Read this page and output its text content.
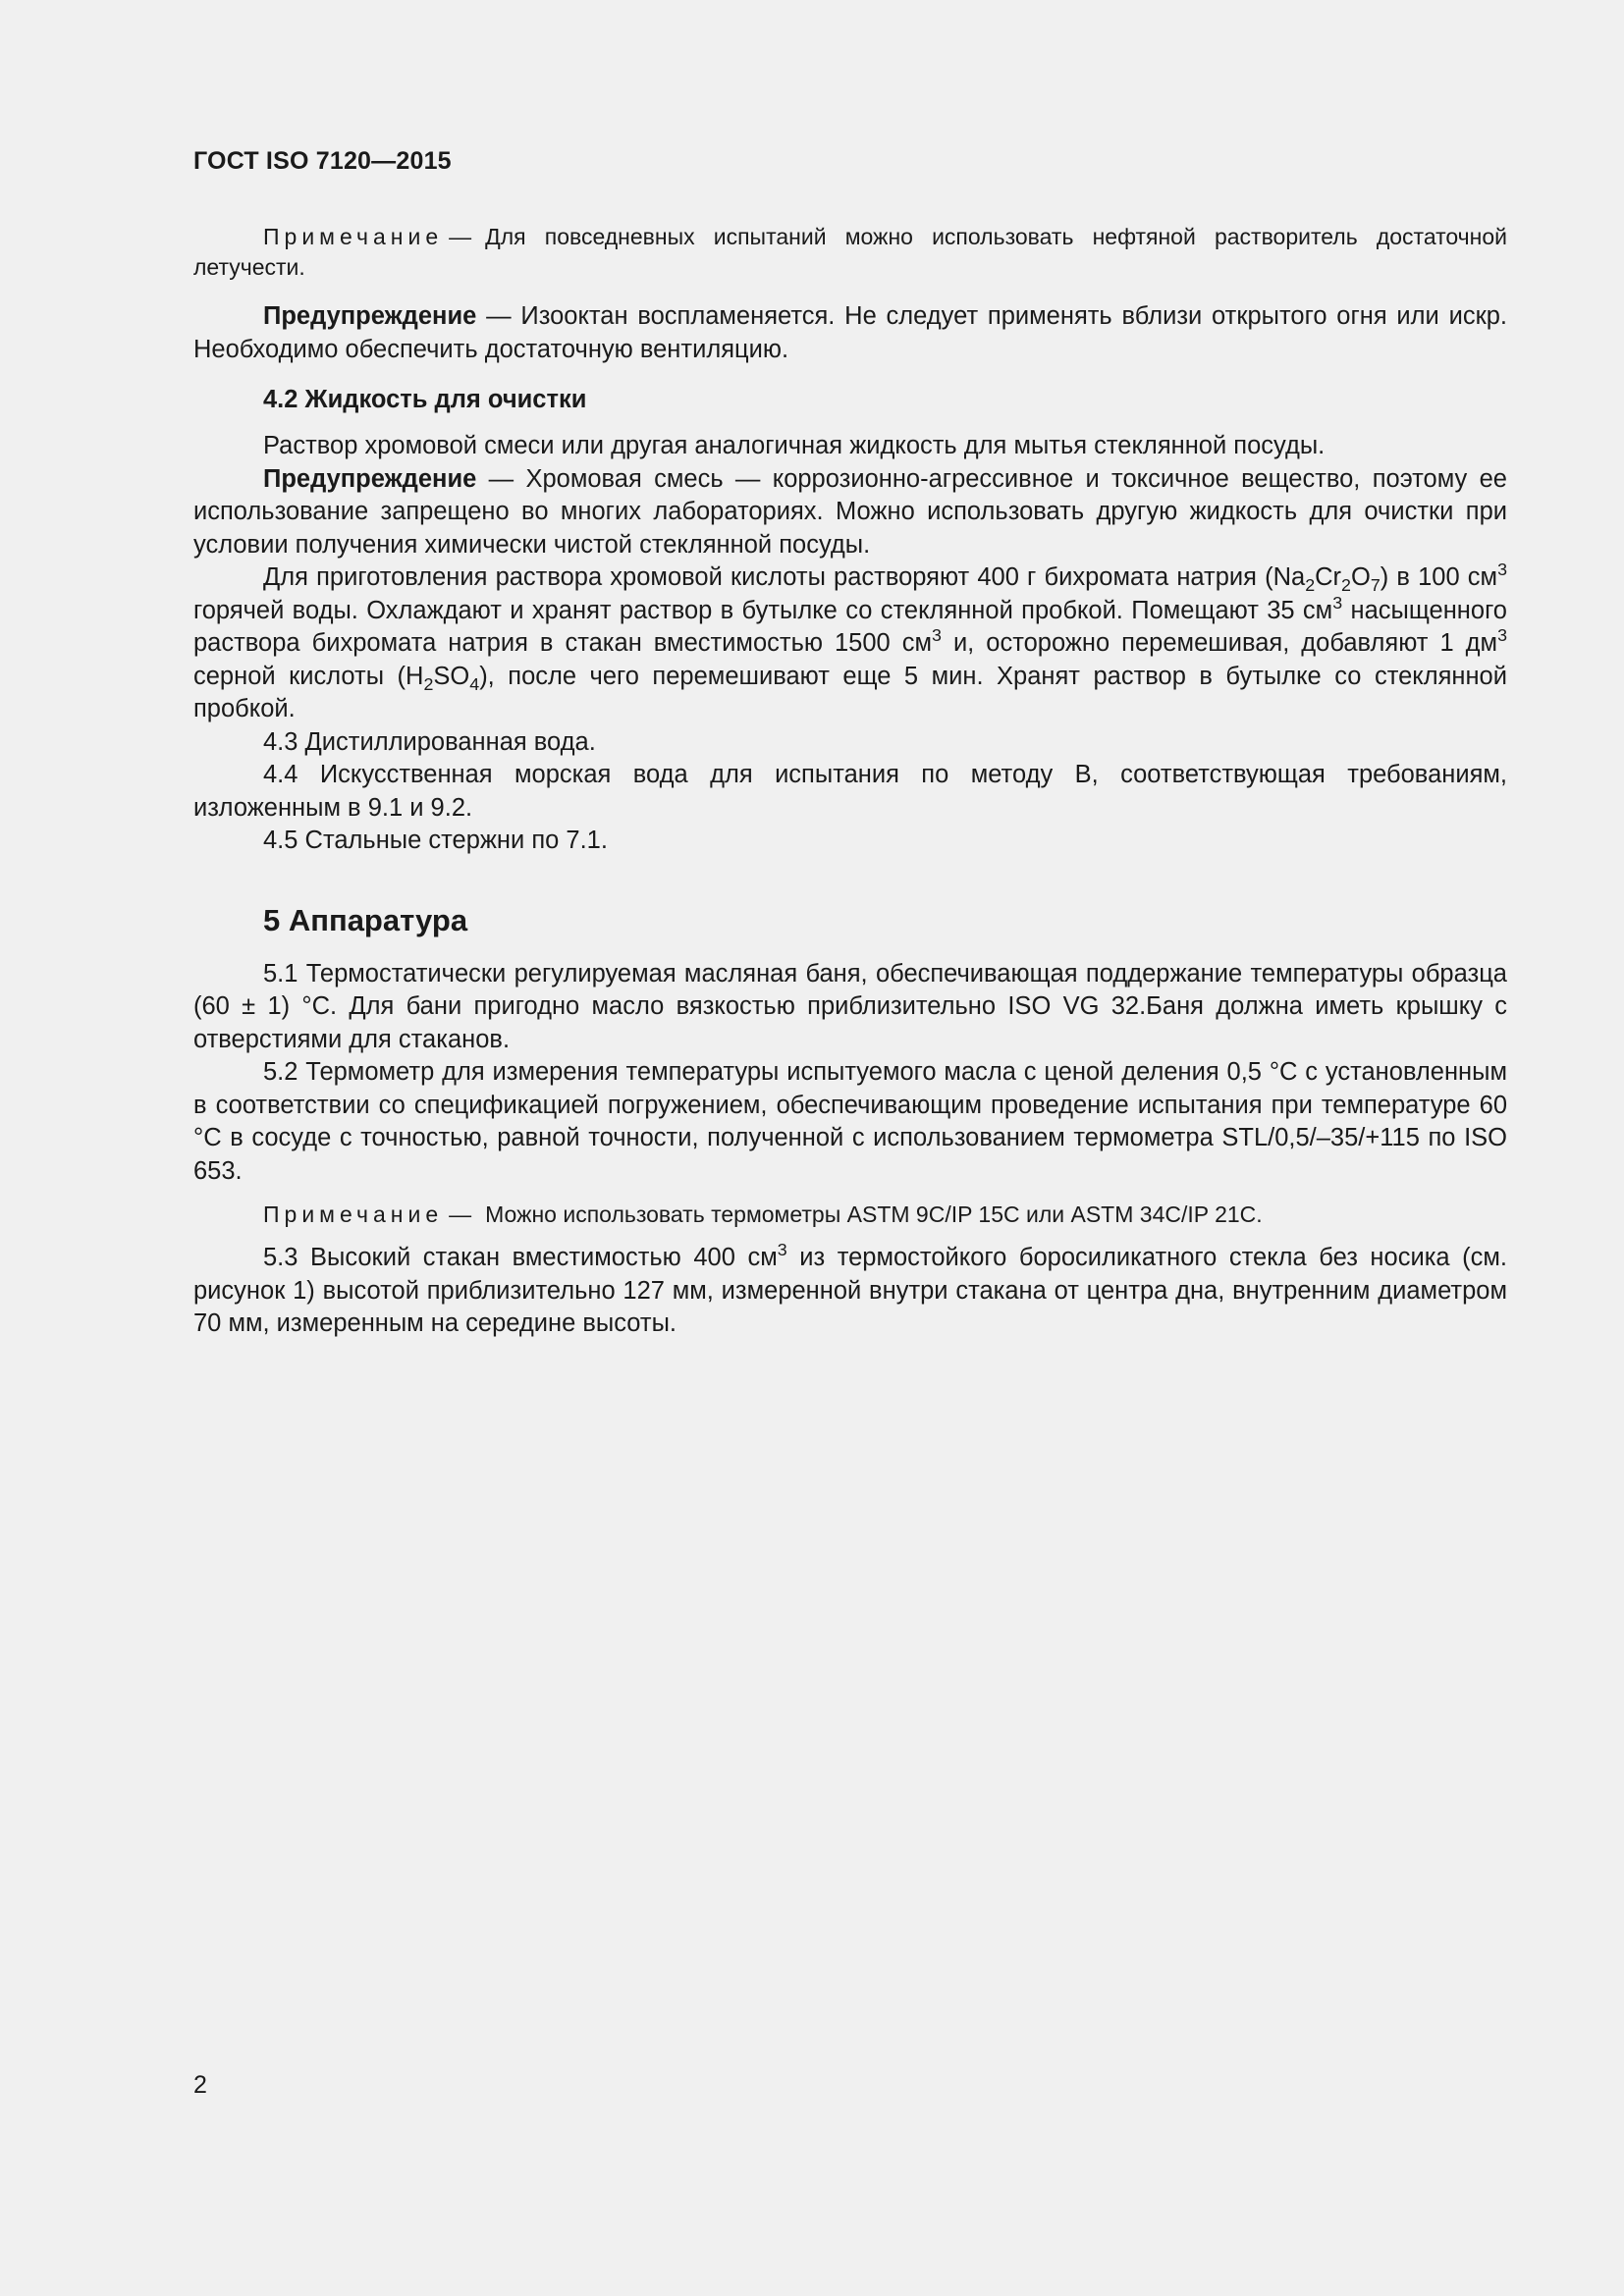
ГОСТ ISO 7120—2015

Примечание — Для повседневных испытаний можно использовать нефтяной растворитель достаточной летучести.

Предупреждение — Изооктан воспламеняется. Не следует применять вблизи открытого огня или искр. Необходимо обеспечить достаточную вентиляцию.

4.2 Жидкость для очистки

Раствор хромовой смеси или другая аналогичная жидкость для мытья стеклянной посуды.

Предупреждение — Хромовая смесь — коррозионно-агрессивное и токсичное вещество, поэтому ее использование запрещено во многих лабораториях. Можно использовать другую жидкость для очистки при условии получения химически чистой стеклянной посуды.

Для приготовления раствора хромовой кислоты растворяют 400 г бихромата натрия $(Na_2Cr_2O_7)$ в 100 $см^3$ горячей воды. Охлаждают и хранят раствор в бутылке со стеклянной пробкой. Помещают 35 $см^3$ насыщенного раствора бихромата натрия в стакан вместимостью 1500 $см^3$ и, осторожно перемешивая, добавляют 1 $дм^3$ серной кислоты $(H_2SO_4)$, после чего перемешивают еще 5 мин. Хранят раствор в бутылке со стеклянной пробкой.

4.3 Дистиллированная вода.

4.4 Искусственная морская вода для испытания по методу В, соответствующая требованиям, изложенным в 9.1 и 9.2.

4.5 Стальные стержни по 7.1.

5 Аппаратура

5.1 Термостатически регулируемая масляная баня, обеспечивающая поддержание температуры образца (60 ± 1) °С. Для бани пригодно масло вязкостью приблизительно ISO VG 32.Баня должна иметь крышку с отверстиями для стаканов.

5.2 Термометр для измерения температуры испытуемого масла с ценой деления 0,5 °С с установленным в соответствии со спецификацией погружением, обеспечивающим проведение испытания при температуре 60 °С в сосуде с точностью, равной точности, полученной с использованием термометра STL/0,5/–35/+115 по ISO 653.

Примечание — Можно использовать термометры ASTM 9C/IP 15C или ASTM 34C/IP 21C.

5.3 Высокий стакан вместимостью 400 $см^3$ из термостойкого боросиликатного стекла без носика (см. рисунок 1) высотой приблизительно 127 мм, измеренной внутри стакана от центра дна, внутренним диаметром 70 мм, измеренным на середине высоты.

2
